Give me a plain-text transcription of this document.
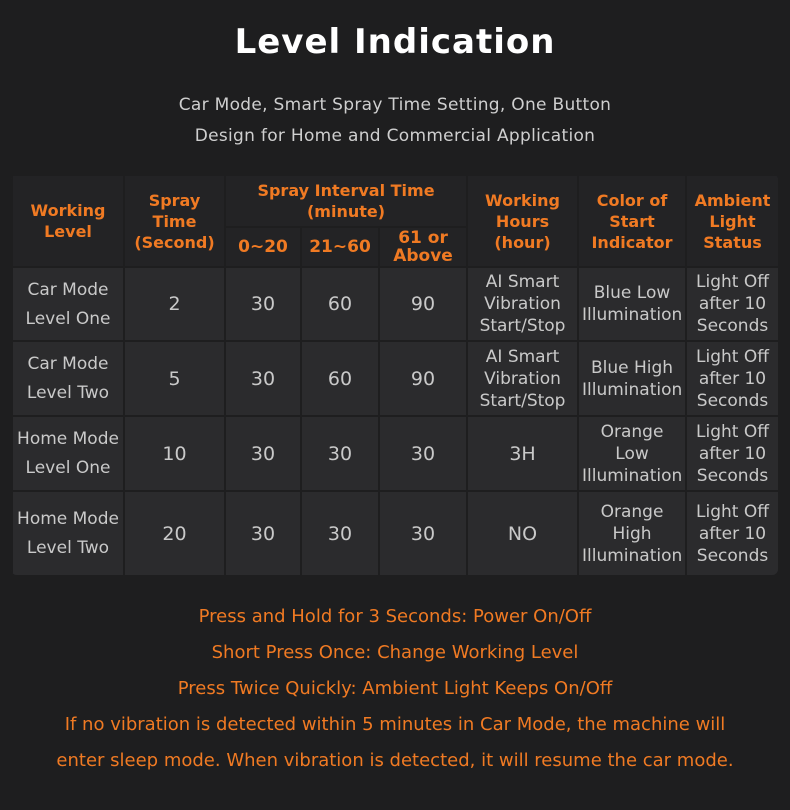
Level Indication
Car Mode, Smart Spray Time Setting, One Button
Design for Home and Commercial Application
Working Level	Spray Time (Second)	Spray Interval Time (minute)			Working Hours (hour)	Color of Start Indicator	Ambient Light Status
		0~20	21~60	61 or Above			

Car Mode
Level One	2	30	60	90	AI Smart Vibration Start/Stop	Blue Low Illumination	Light Off after 10 Seconds

Car Mode
Level Two	5	30	60	90	AI Smart Vibration Start/Stop	Blue High Illumination	Light Off after 10 Seconds

Home Mode
Level One	10	30	30	30	3H	Orange Low Illumination	Light Off after 10 Seconds

Home Mode
Level Two	20	30	30	30	NO	Orange High Illumination	Light Off after 10 Seconds
Press and Hold for 3 Seconds: Power On/Off
Short Press Once: Change Working Level
Press Twice Quickly: Ambient Light Keeps On/Off
If no vibration is detected within 5 minutes in Car Mode, the machine will
enter sleep mode. When vibration is detected, it will resume the car mode.
